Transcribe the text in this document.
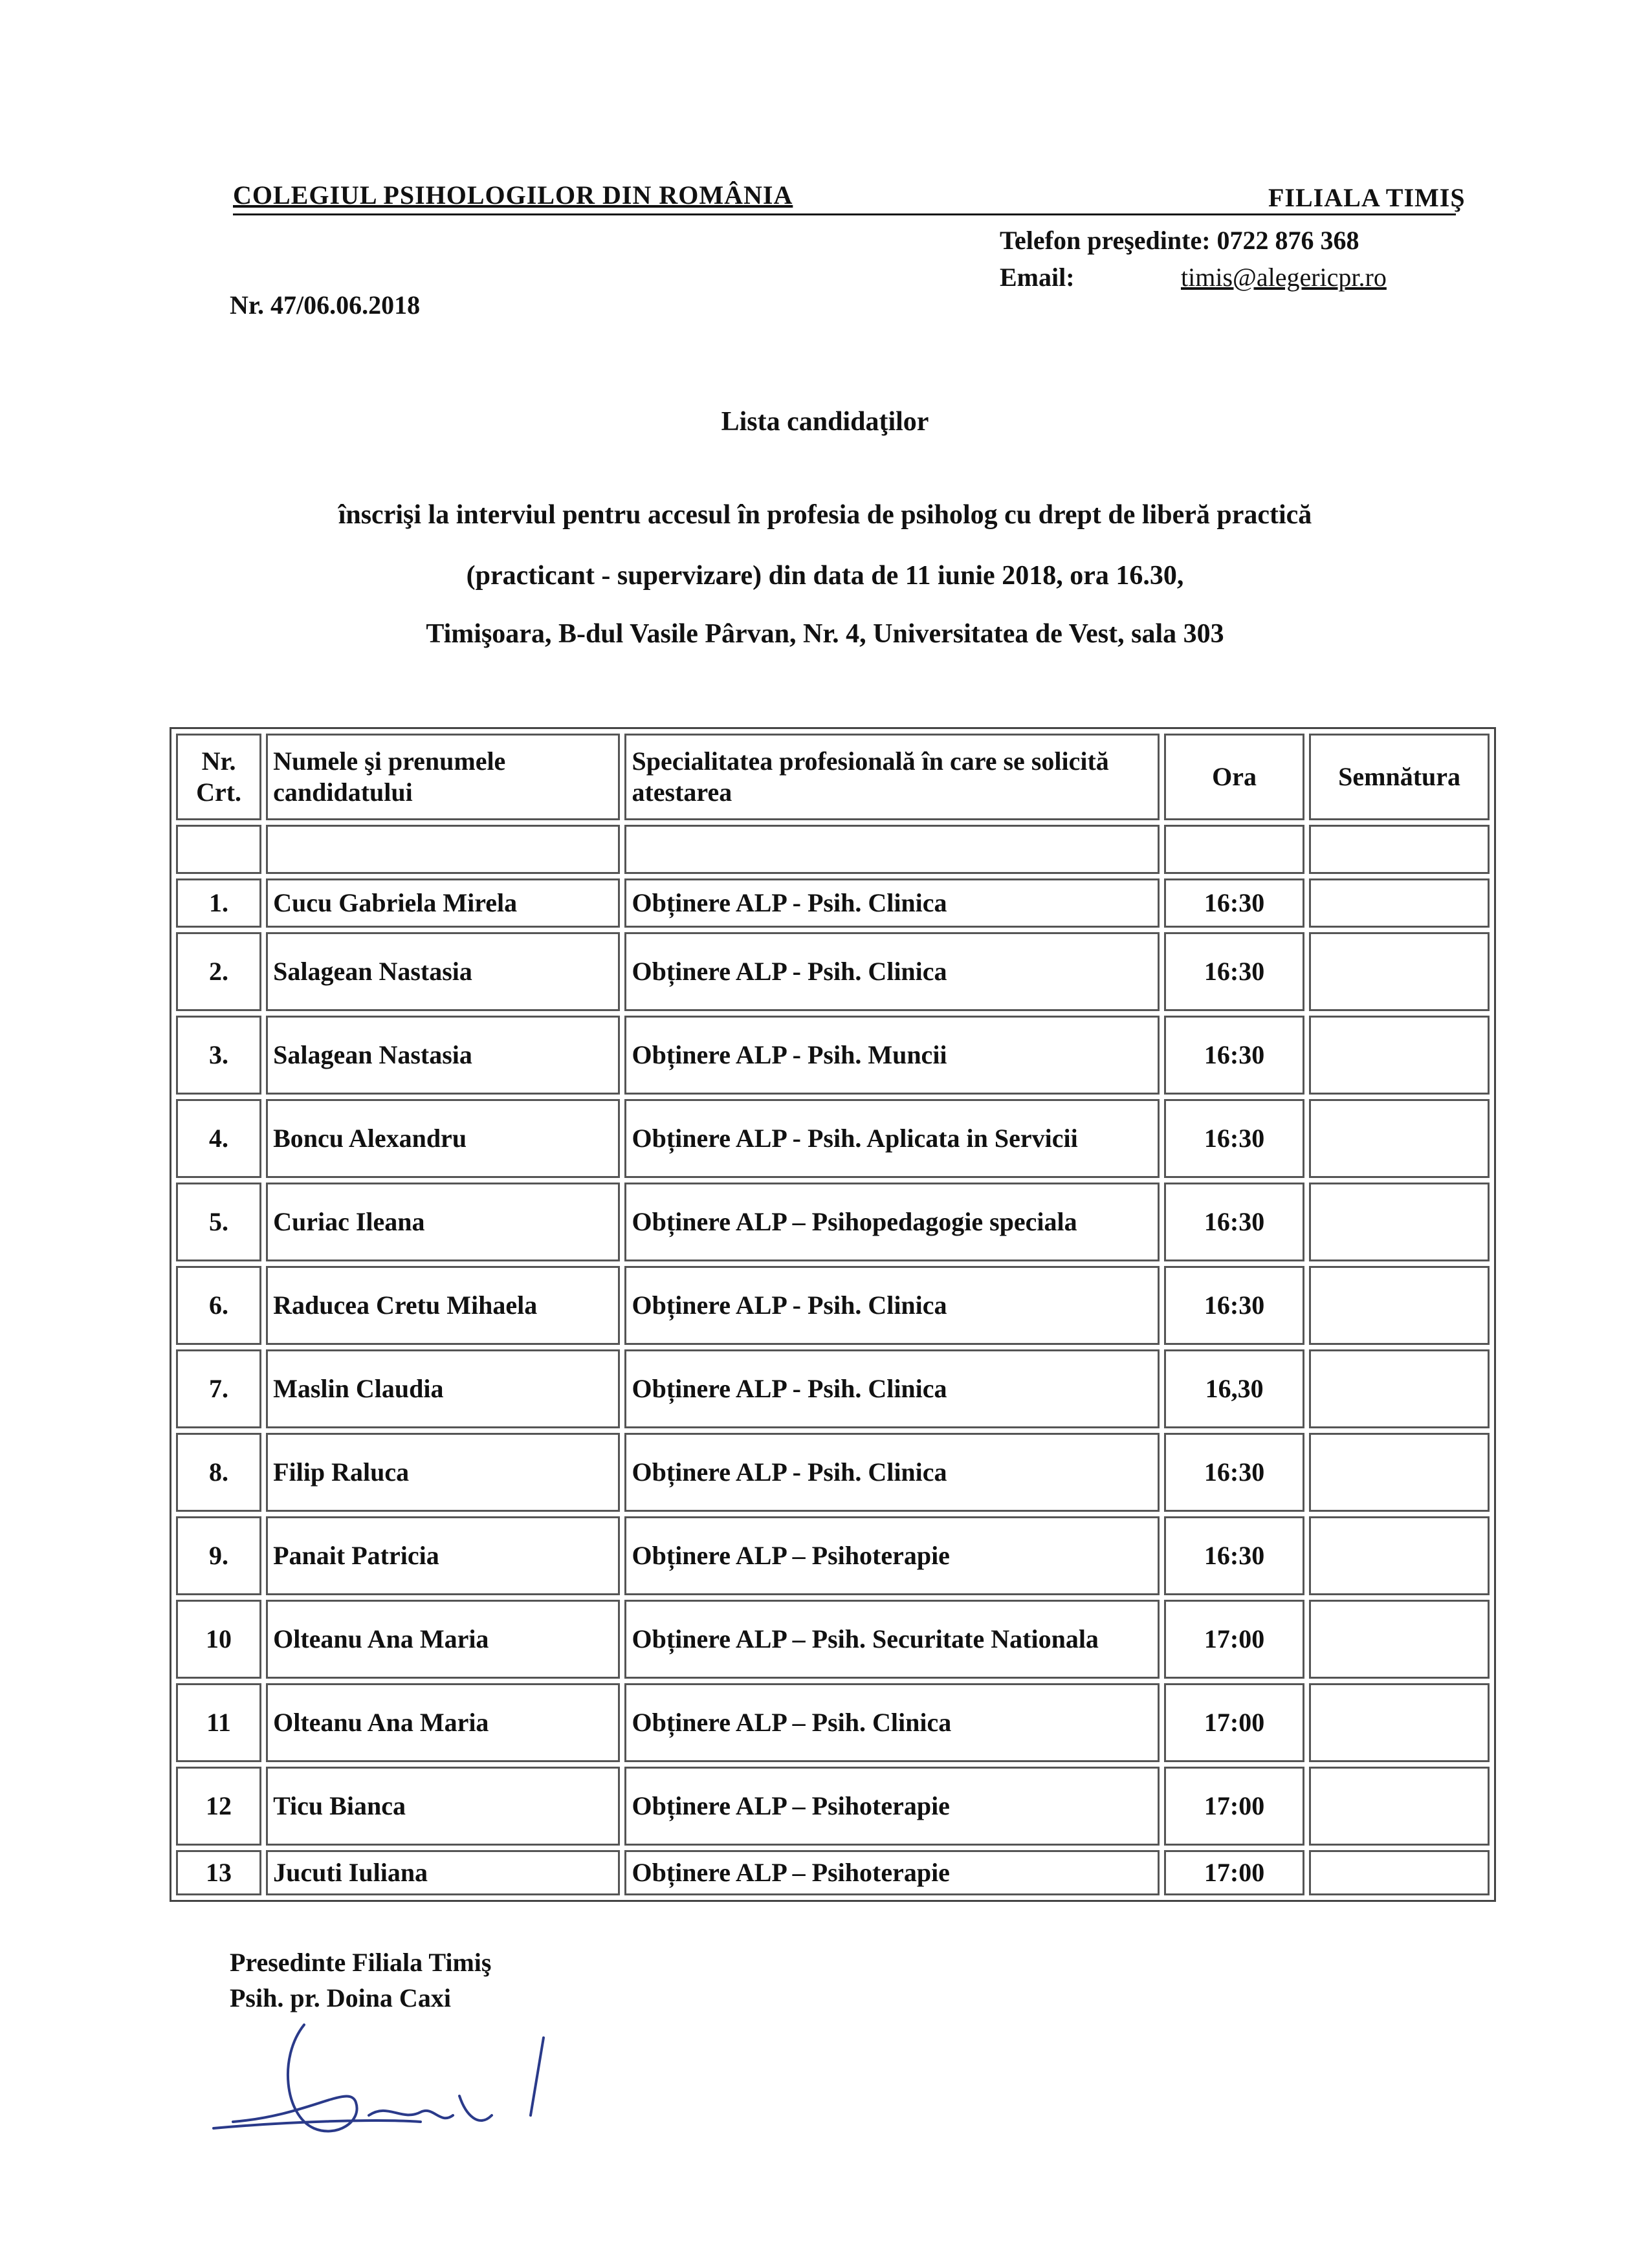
COLEGIUL PSIHOLOGILOR DIN ROMÂNIA	FILIALA TIMIŞ
Telefon preşedinte: 0722 876 368
Email:	timis@alegericpr.ro
Nr. 47/06.06.2018
Lista candidaţilor
înscrişi la interviul pentru accesul în profesia de psiholog cu drept de liberă practică
(practicant - supervizare) din data de 11 iunie 2018, ora 16.30,
Timişoara, B-dul Vasile Pârvan, Nr. 4, Universitatea de Vest, sala 303
Nr. Crt.	Numele şi prenumele candidatului	Specialitatea profesională în care se solicită atestarea	Ora	Semnătura

1.	Cucu Gabriela Mirela	Obținere ALP - Psih. Clinica	16:30	
2.	Salagean Nastasia	Obținere ALP - Psih. Clinica	16:30	
3.	Salagean Nastasia	Obținere ALP - Psih. Muncii	16:30	
4.	Boncu Alexandru	Obținere ALP - Psih. Aplicata in Servicii	16:30	
5.	Curiac Ileana	Obținere ALP – Psihopedagogie speciala	16:30	
6.	Raducea Cretu Mihaela	Obținere ALP - Psih. Clinica	16:30	
7.	Maslin Claudia	Obținere ALP - Psih. Clinica	16,30	
8.	Filip Raluca	Obținere ALP - Psih. Clinica	16:30	
9.	Panait Patricia	Obținere ALP – Psihoterapie	16:30	
10	Olteanu Ana Maria	Obținere ALP – Psih. Securitate Nationala	17:00	
11	Olteanu Ana Maria	Obținere ALP – Psih. Clinica	17:00	
12	Ticu Bianca	Obținere ALP – Psihoterapie	17:00	
13	Jucuti Iuliana	Obținere ALP – Psihoterapie	17:00	
Presedinte Filiala Timiş
Psih. pr. Doina Caxi
